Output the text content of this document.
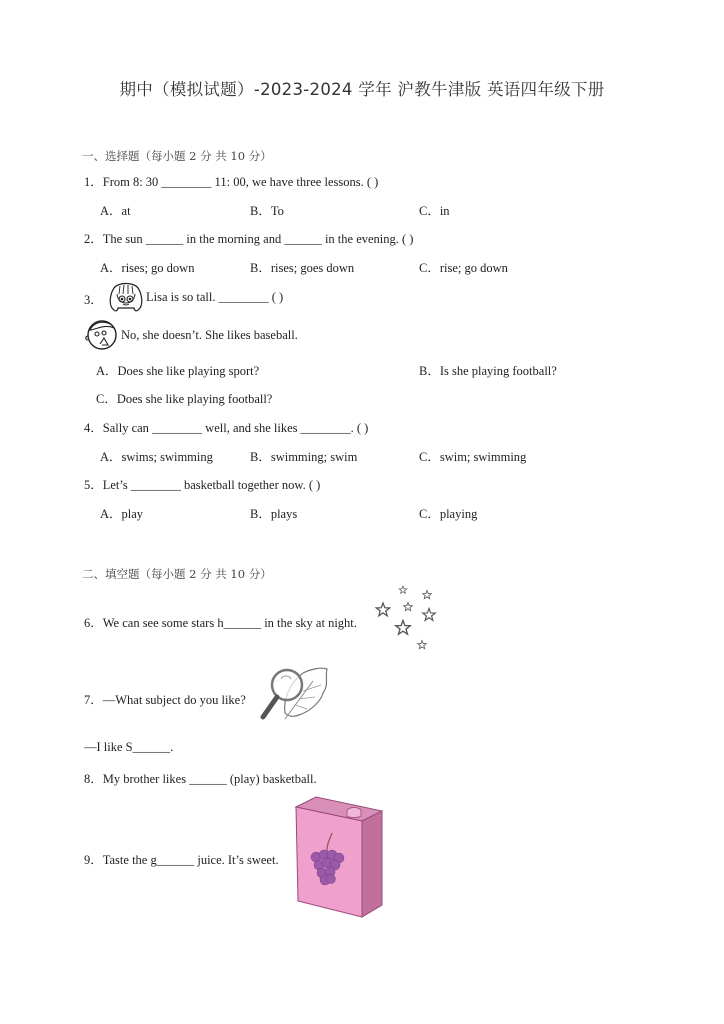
期中（模拟试题）-2023-2024 学年 沪教牛津版 英语四年级下册
一、选择题（每小题 2 分 共 10 分）
1．From 8: 30 ________ 11: 00, we have three lessons. ( )
A．at	B．To	C．in
2．The sun ______ in the morning and ______ in the evening. ( )
A．rises; go down	B．rises; goes down	C．rise; go down
3．	Lisa is so tall. ________ ( )
No, she doesn’t. She likes baseball.
A．Does she like playing sport?	B．Is she playing football?
C．Does she like playing football?
4．Sally can ________ well, and she likes ________. ( )
A．swims; swimming	B．swimming; swim	C．swim; swimming
5．Let’s ________ basketball together now. ( )
A．play	B．plays	C．playing
二、填空题（每小题 2 分 共 10 分）
6．We can see some stars h______ in the sky at night.
7．—What subject do you like?
—I like S______.
8．My brother likes ______ (play) basketball.
9．Taste the g______ juice. It’s sweet.
